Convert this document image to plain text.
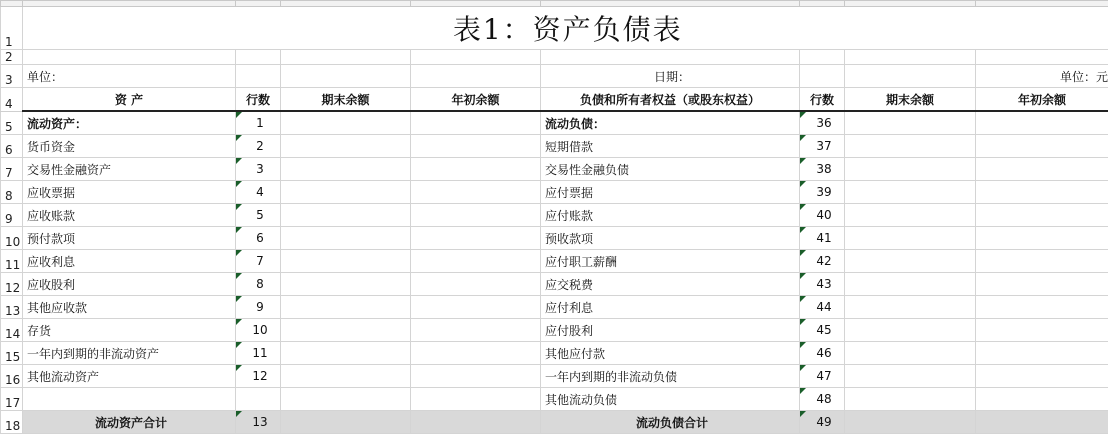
1	表1：资产负债表							
2								
3	单位：				日期：			单位：元
4	资 产	行数	期末余额	年初余额	负债和所有者权益（或股东权益）	行数	期末余额	年初余额
5	流动资产：	1			流动负债：	36		
6	货币资金	2			短期借款	37		
7	交易性金融资产	3			交易性金融负债	38		
8	应收票据	4			应付票据	39		
9	应收账款	5			应付账款	40		
10	预付款项	6			预收款项	41		
11	应收利息	7			应付职工薪酬	42		
12	应收股利	8			应交税费	43		
13	其他应收款	9			应付利息	44		
14	存货	10			应付股利	45		
15	一年内到期的非流动资产	11			其他应付款	46		
16	其他流动资产	12			一年内到期的非流动负债	47		
17					其他流动负债	48		
18	流动资产合计	13			流动负债合计	49		
